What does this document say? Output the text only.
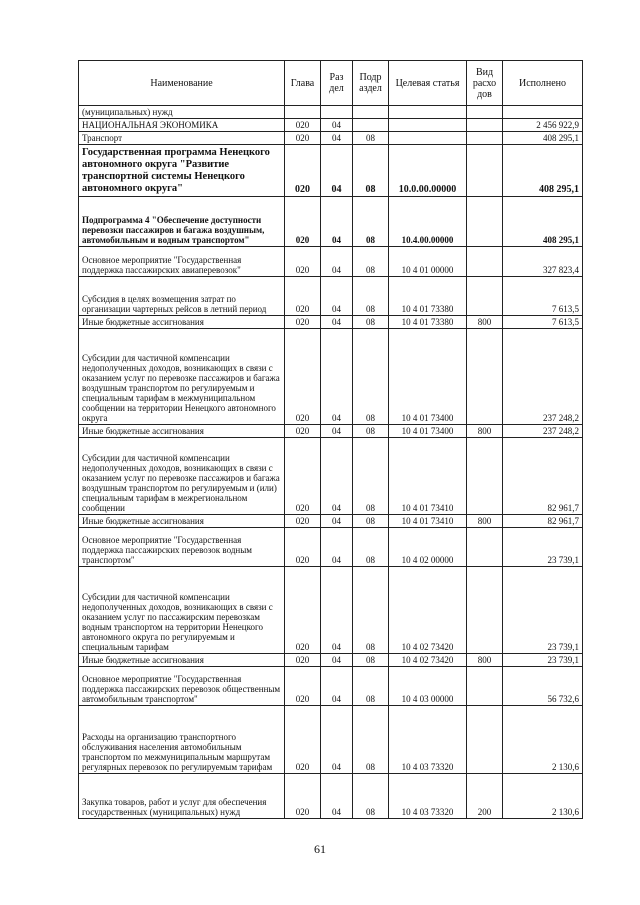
Наименование	Глава	Раз дел	Подр аздел	Целевая статья	Вид расхо дов	Исполнено
(муниципальных) нужд						
НАЦИОНАЛЬНАЯ ЭКОНОМИКА	020	04				2 456 922,9
Транспорт	020	04	08			408 295,1
Государственная программа Ненецкого автономного округа "Развитие транспортной системы Ненецкого автономного округа"	020	04	08	10.0.00.00000		408 295,1
Подпрограмма 4 "Обеспечение доступности перевозки пассажиров и багажа воздушным, автомобильным и водным транспортом"	020	04	08	10.4.00.00000		408 295,1
Основное мероприятие "Государственная поддержка пассажирских авиаперевозок"	020	04	08	10 4 01 00000		327 823,4
Субсидия в целях возмещения затрат по организации чартерных рейсов в летний период	020	04	08	10 4 01 73380		7 613,5
Иные бюджетные ассигнования	020	04	08	10 4 01 73380	800	7 613,5
Субсидии для частичной компенсации недополученных доходов, возникающих в связи с оказанием услуг по перевозке пассажиров и багажа воздушным транспортом по регулируемым и специальным тарифам в межмуниципальном сообщении на территории Ненецкого автономного округа	020	04	08	10 4 01 73400		237 248,2
Иные бюджетные ассигнования	020	04	08	10 4 01 73400	800	237 248,2
Субсидии для частичной компенсации недополученных доходов, возникающих в связи с оказанием услуг по перевозке пассажиров и багажа воздушным транспортом по регулируемым и (или) специальным тарифам в межрегиональном сообщении	020	04	08	10 4 01 73410		82 961,7
Иные бюджетные ассигнования	020	04	08	10 4 01 73410	800	82 961,7
Основное мероприятие "Государственная поддержка пассажирских перевозок водным транспортом"	020	04	08	10 4 02 00000		23 739,1
Субсидии для частичной компенсации недополученных доходов, возникающих в связи с оказанием услуг по пассажирским перевозкам водным транспортом на территории Ненецкого автономного округа по регулируемым и специальным тарифам	020	04	08	10 4 02 73420		23 739,1
Иные бюджетные ассигнования	020	04	08	10 4 02 73420	800	23 739,1
Основное мероприятие "Государственная поддержка пассажирских перевозок общественным автомобильным транспортом"	020	04	08	10 4 03 00000		56 732,6
Расходы на организацию транспортного обслуживания населения автомобильным транспортом по межмуниципальным маршрутам регулярных перевозок по регулируемым тарифам	020	04	08	10 4 03 73320		2 130,6
Закупка товаров, работ и услуг для обеспечения государственных (муниципальных) нужд	020	04	08	10 4 03 73320	200	2 130,6
61
